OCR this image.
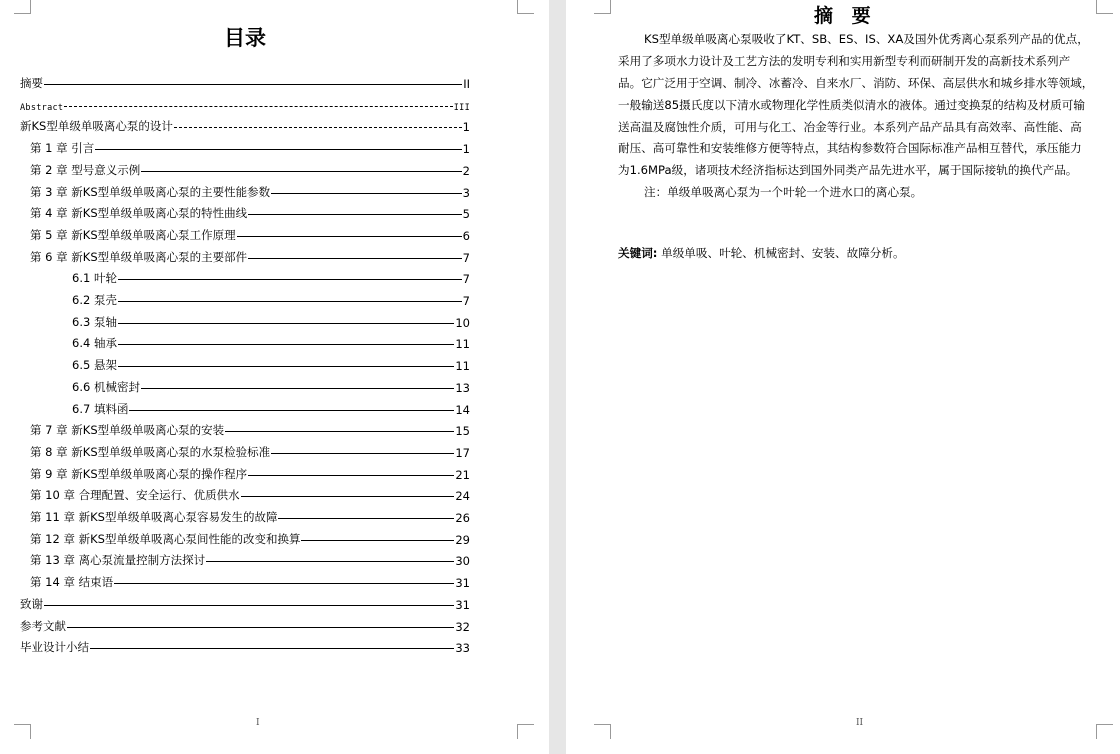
目录
摘要	II
Abstract	III
新KS型单级单吸离心泵的设计	1
第 1 章 引言	1
第 2 章 型号意义示例	2
第 3 章 新KS型单级单吸离心泵的主要性能参数	3
第 4 章 新KS型单级单吸离心泵的特性曲线	5
第 5 章 新KS型单级单吸离心泵工作原理	6
第 6 章 新KS型单级单吸离心泵的主要部件	7
6.1 叶轮	7
6.2 泵壳	7
6.3 泵轴	10
6.4 轴承	11
6.5 悬架	11
6.6 机械密封	13
6.7 填料函	14
第 7 章 新KS型单级单吸离心泵的安装	15
第 8 章 新KS型单级单吸离心泵的水泵检验标准	17
第 9 章 新KS型单级单吸离心泵的操作程序	21
第 10 章 合理配置、安全运行、优质供水	24
第 11 章 新KS型单级单吸离心泵容易发生的故障	26
第 12 章 新KS型单级单吸离心泵间性能的改变和换算	29
第 13 章 离心泵流量控制方法探讨	30
第 14 章 结束语	31
致谢	31
参考文献	32
毕业设计小结	33
I
摘 要
KS型单级单吸离心泵吸收了KT、SB、ES、IS、XA及国外优秀离心泵系列产品的优点，
采用了多项水力设计及工艺方法的发明专利和实用新型专利而研制开发的高新技术系列产
品。它广泛用于空调、制冷、冰蓄冷、自来水厂、消防、环保、高层供水和城乡排水等领域，
一般输送85摄氏度以下清水或物理化学性质类似清水的液体。通过变换泵的结构及材质可输
送高温及腐蚀性介质，可用与化工、冶金等行业。本系列产品产品具有高效率、高性能、高
耐压、高可靠性和安装维修方便等特点，其结构参数符合国际标准产品相互替代，承压能力
为1.6MPa级，诸项技术经济指标达到国外同类产品先进水平，属于国际接轨的换代产品。
注：单级单吸离心泵为一个叶轮一个进水口的离心泵。
关键词: 单级单吸、叶轮、机械密封、安装、故障分析。
II
